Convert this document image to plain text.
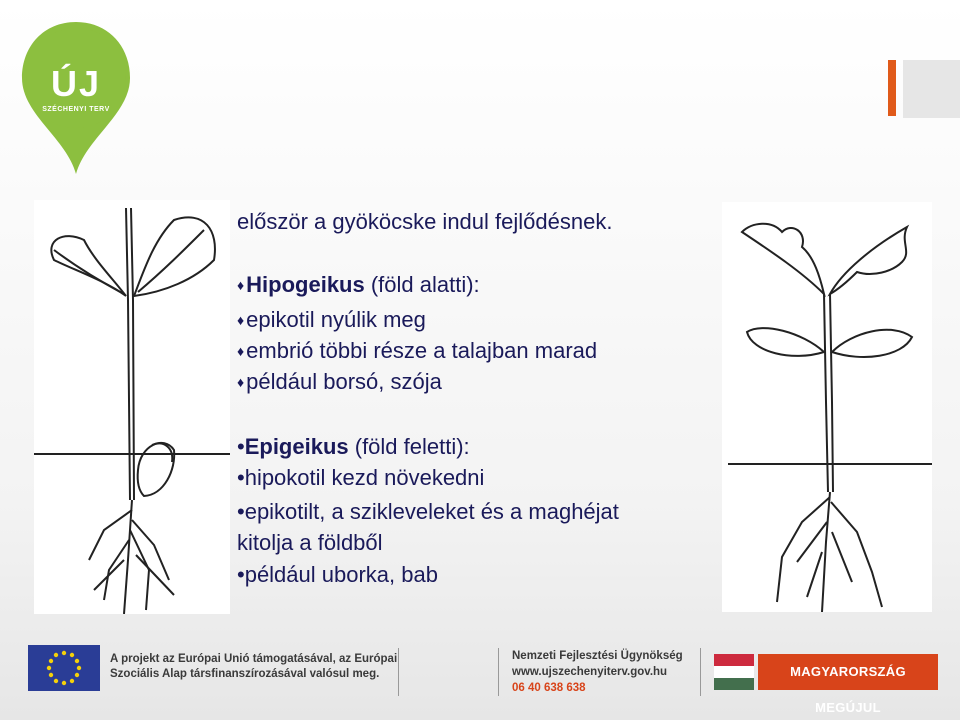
ÚJ
SZÉCHENYI TERV
először a gyököcske indul fejlődésnek.
♦Hipogeikus (föld alatti):
♦epikotil nyúlik meg
♦embrió többi része a talajban marad
♦például borsó, szója
•Epigeikus (föld feletti):
•hipokotil kezd növekedni
•epikotilt, a szikleveleket és a maghéjat
kitolja a földből
•például uborka, bab
A projekt az Európai Unió támogatásával, az Európai
Szociális Alap társfinanszírozásával valósul meg.
Nemzeti Fejlesztési Ügynökség
www.ujszechenyiterv.gov.hu
06 40 638 638
MAGYARORSZÁG MEGÚJUL
